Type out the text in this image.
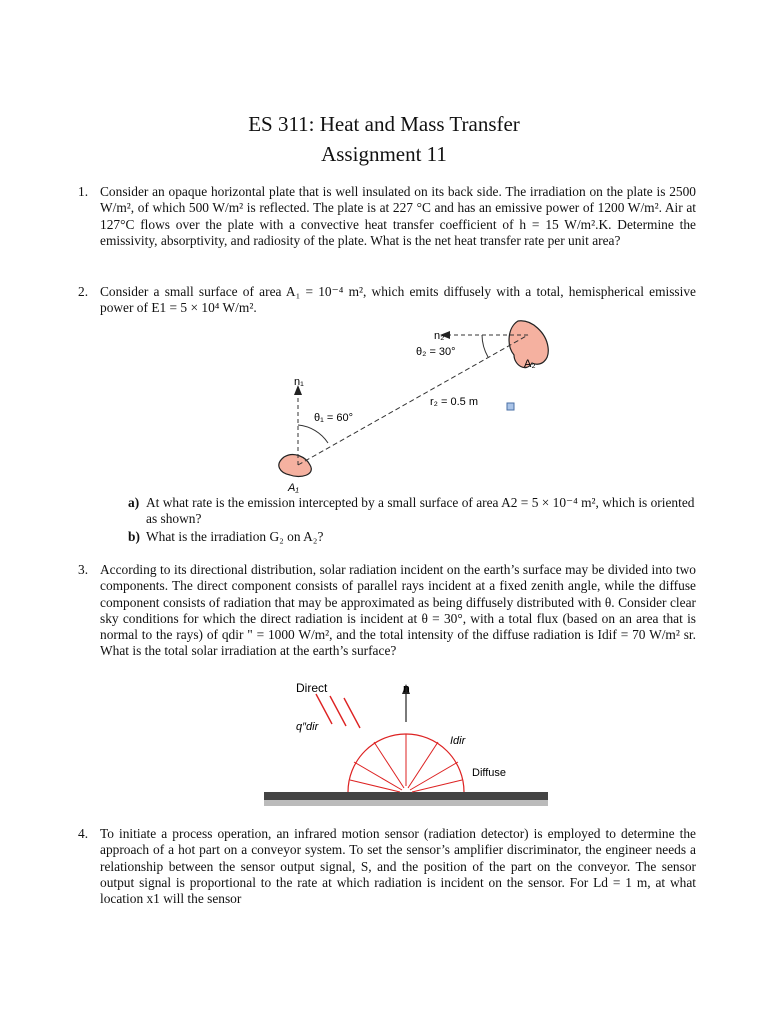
ES 311: Heat and Mass Transfer
Assignment 11
1. Consider an opaque horizontal plate that is well insulated on its back side. The irradiation on the plate is 2500 W/m², of which 500 W/m² is reflected. The plate is at 227 °C and has an emissive power of 1200 W/m². Air at 127°C flows over the plate with a convective heat transfer coefficient of h = 15 W/m².K. Determine the emissivity, absorptivity, and radiosity of the plate. What is the net heat transfer rate per unit area?
2. Consider a small surface of area A₁ = 10⁻⁴ m², which emits diffusely with a total, hemispherical emissive power of E1 = 5 × 10⁴ W/m².
n₂
θ₂ = 30°
A₂
n₁
θ₁ = 60°
r₂ = 0.5 m
A₁
a) At what rate is the emission intercepted by a small surface of area A2 = 5 × 10⁻⁴ m², which is oriented as shown?
b) What is the irradiation G₂ on A₂?
3. According to its directional distribution, solar radiation incident on the earth’s surface may be divided into two components. The direct component consists of parallel rays incident at a fixed zenith angle, while the diffuse component consists of radiation that may be approximated as being diffusely distributed with θ. Consider clear sky conditions for which the direct radiation is incident at θ = 30°, with a total flux (based on an area that is normal to the rays) of qdir " = 1000 W/m², and the total intensity of the diffuse radiation is Idif = 70 W/m² sr. What is the total solar irradiation at the earth’s surface?
Direct	n
q″dir
Idir
Diffuse
4. To initiate a process operation, an infrared motion sensor (radiation detector) is employed to determine the approach of a hot part on a conveyor system. To set the sensor’s amplifier discriminator, the engineer needs a relationship between the sensor output signal, S, and the position of the part on the conveyor. The sensor output signal is proportional to the rate at which radiation is incident on the sensor. For Ld = 1 m, at what location x1 will the sensor
